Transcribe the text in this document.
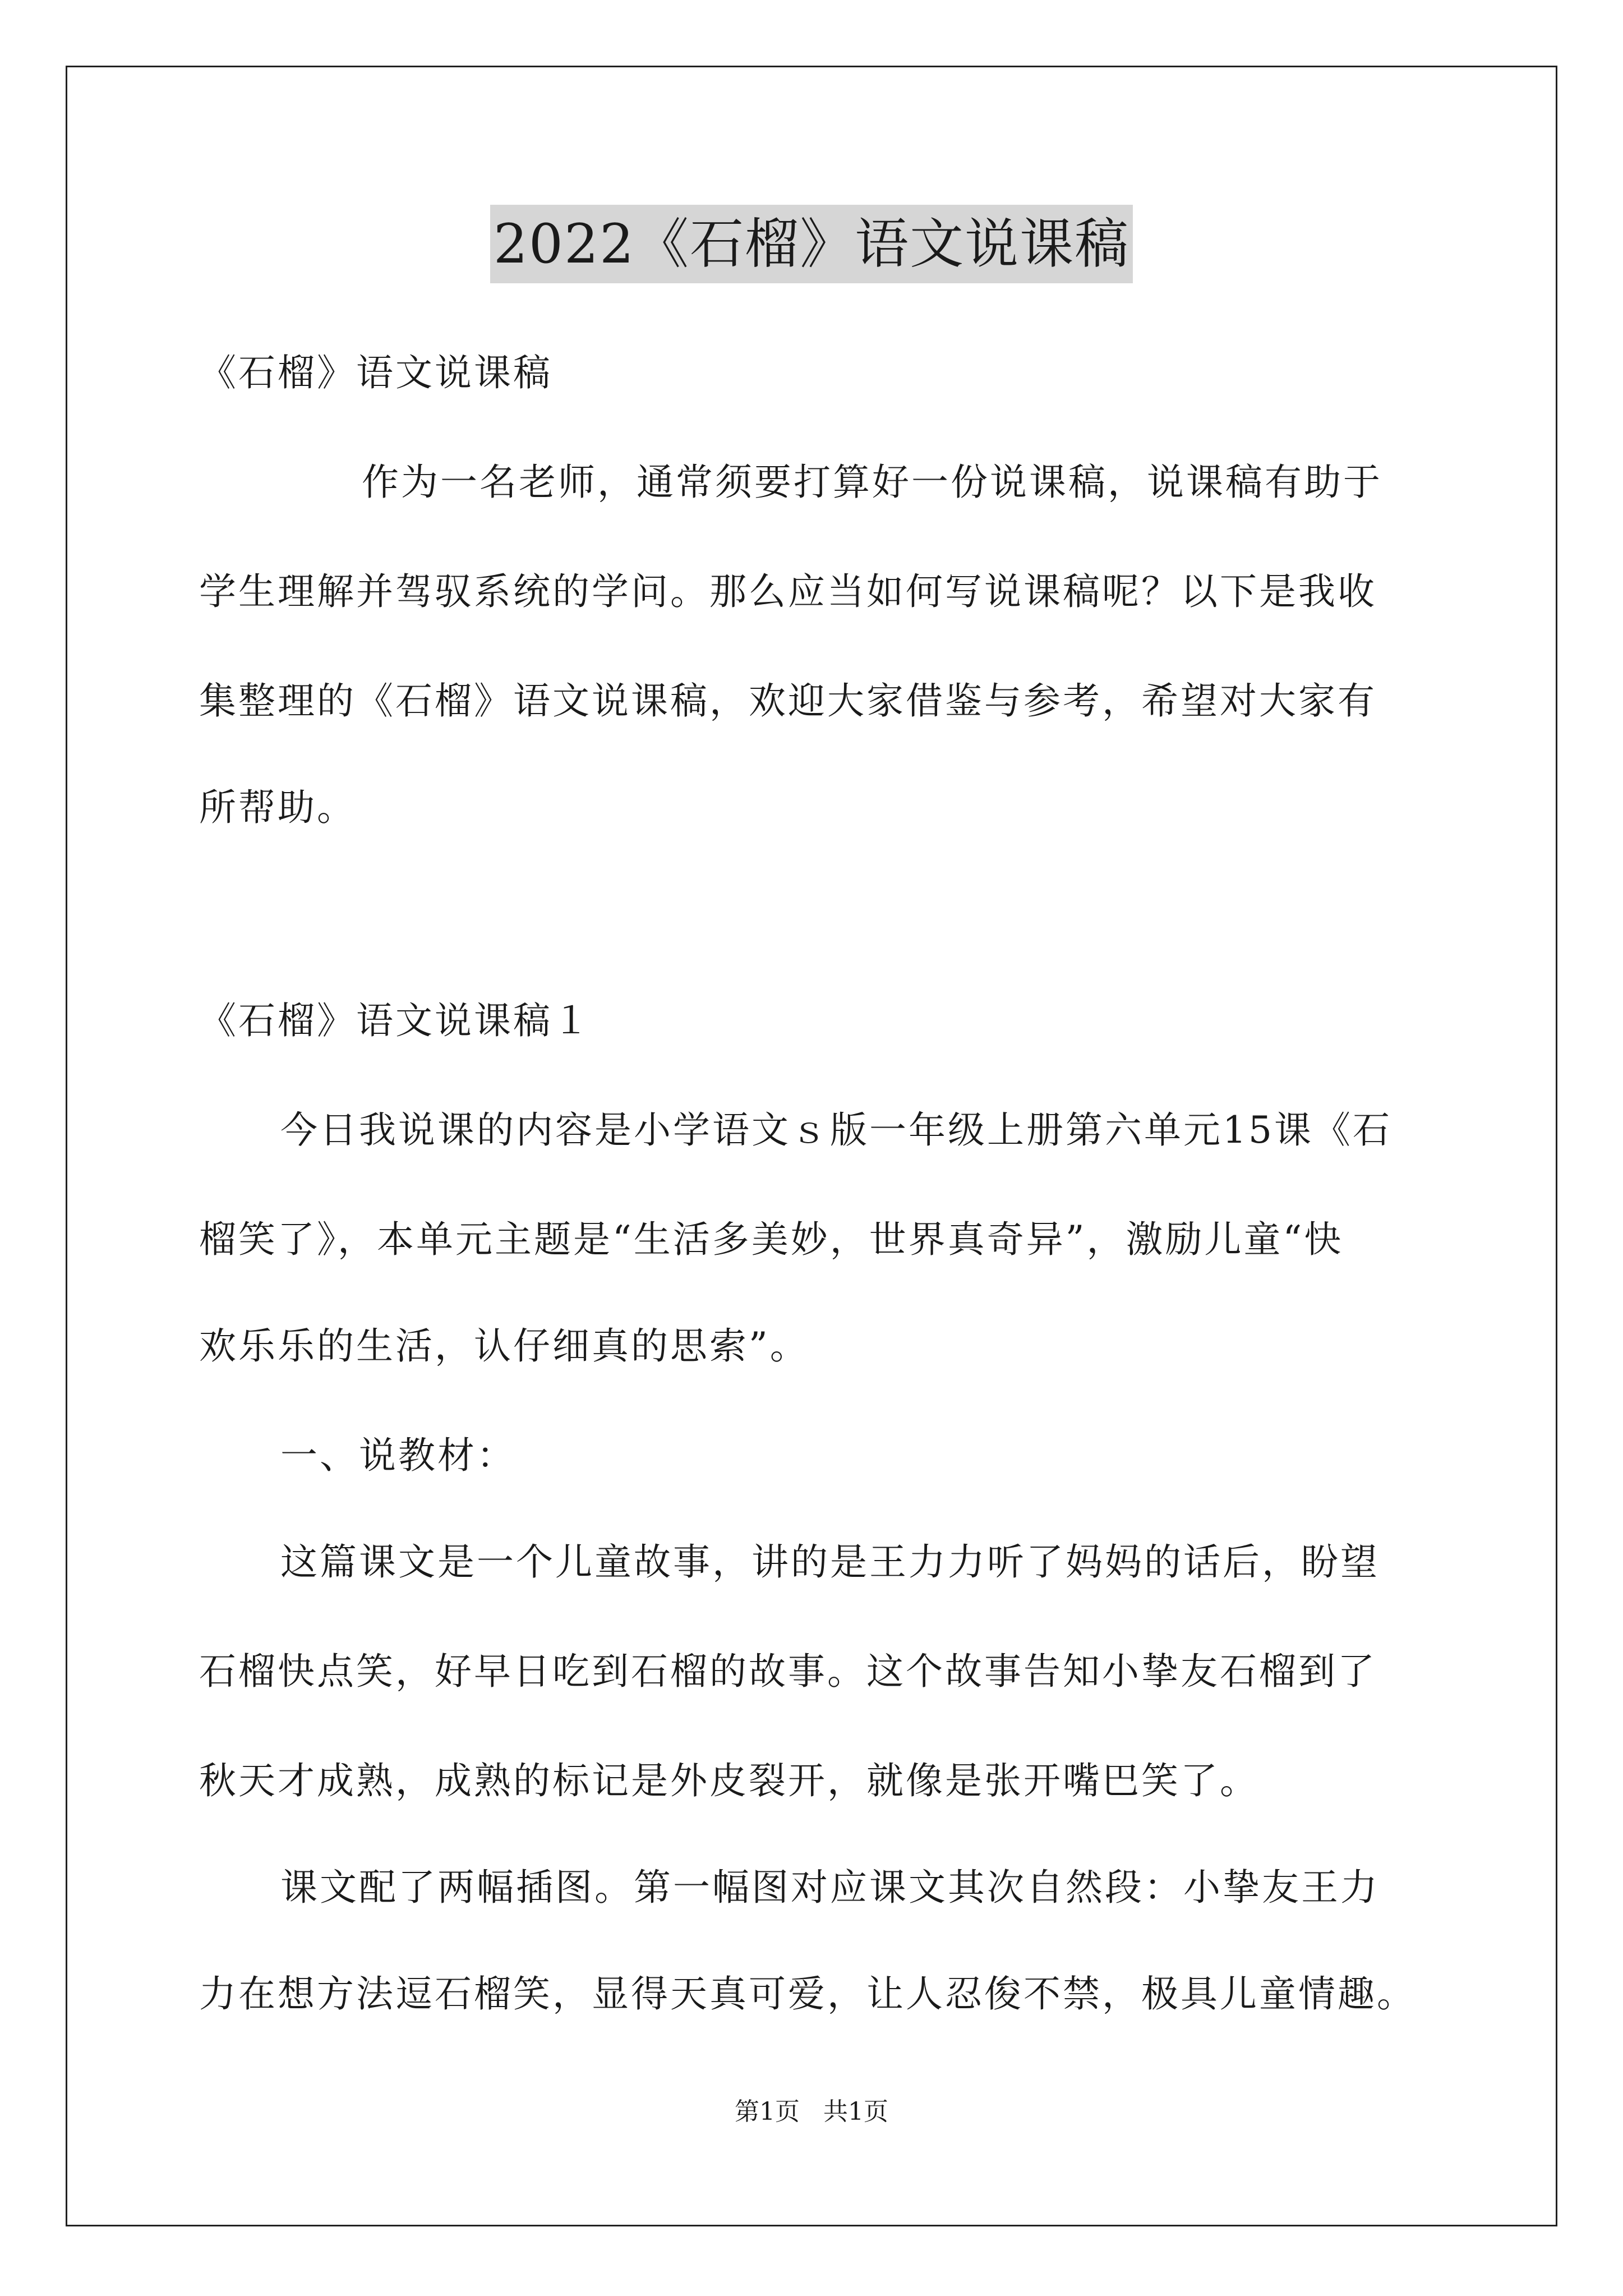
2022《石榴》语文说课稿
《石榴》语文说课稿
作为一名老师，通常须要打算好一份说课稿，说课稿有助于
学生理解并驾驭系统的学问。那么应当如何写说课稿呢？以下是我收
集整理的《石榴》语文说课稿，欢迎大家借鉴与参考，希望对大家有
所帮助。
《石榴》语文说课稿１
今日我说课的内容是小学语文ｓ版一年级上册第六单元15课《石
榴笑了》，本单元主题是“生活多美妙，世界真奇异”，激励儿童“快
欢乐乐的生活，认仔细真的思索”。
一、说教材：
这篇课文是一个儿童故事，讲的是王力力听了妈妈的话后，盼望
石榴快点笑，好早日吃到石榴的故事。这个故事告知小挚友石榴到了
秋天才成熟，成熟的标记是外皮裂开，就像是张开嘴巴笑了。
课文配了两幅插图。第一幅图对应课文其次自然段：小挚友王力
力在想方法逗石榴笑，显得天真可爱，让人忍俊不禁，极具儿童情趣。
第1页 共1页
